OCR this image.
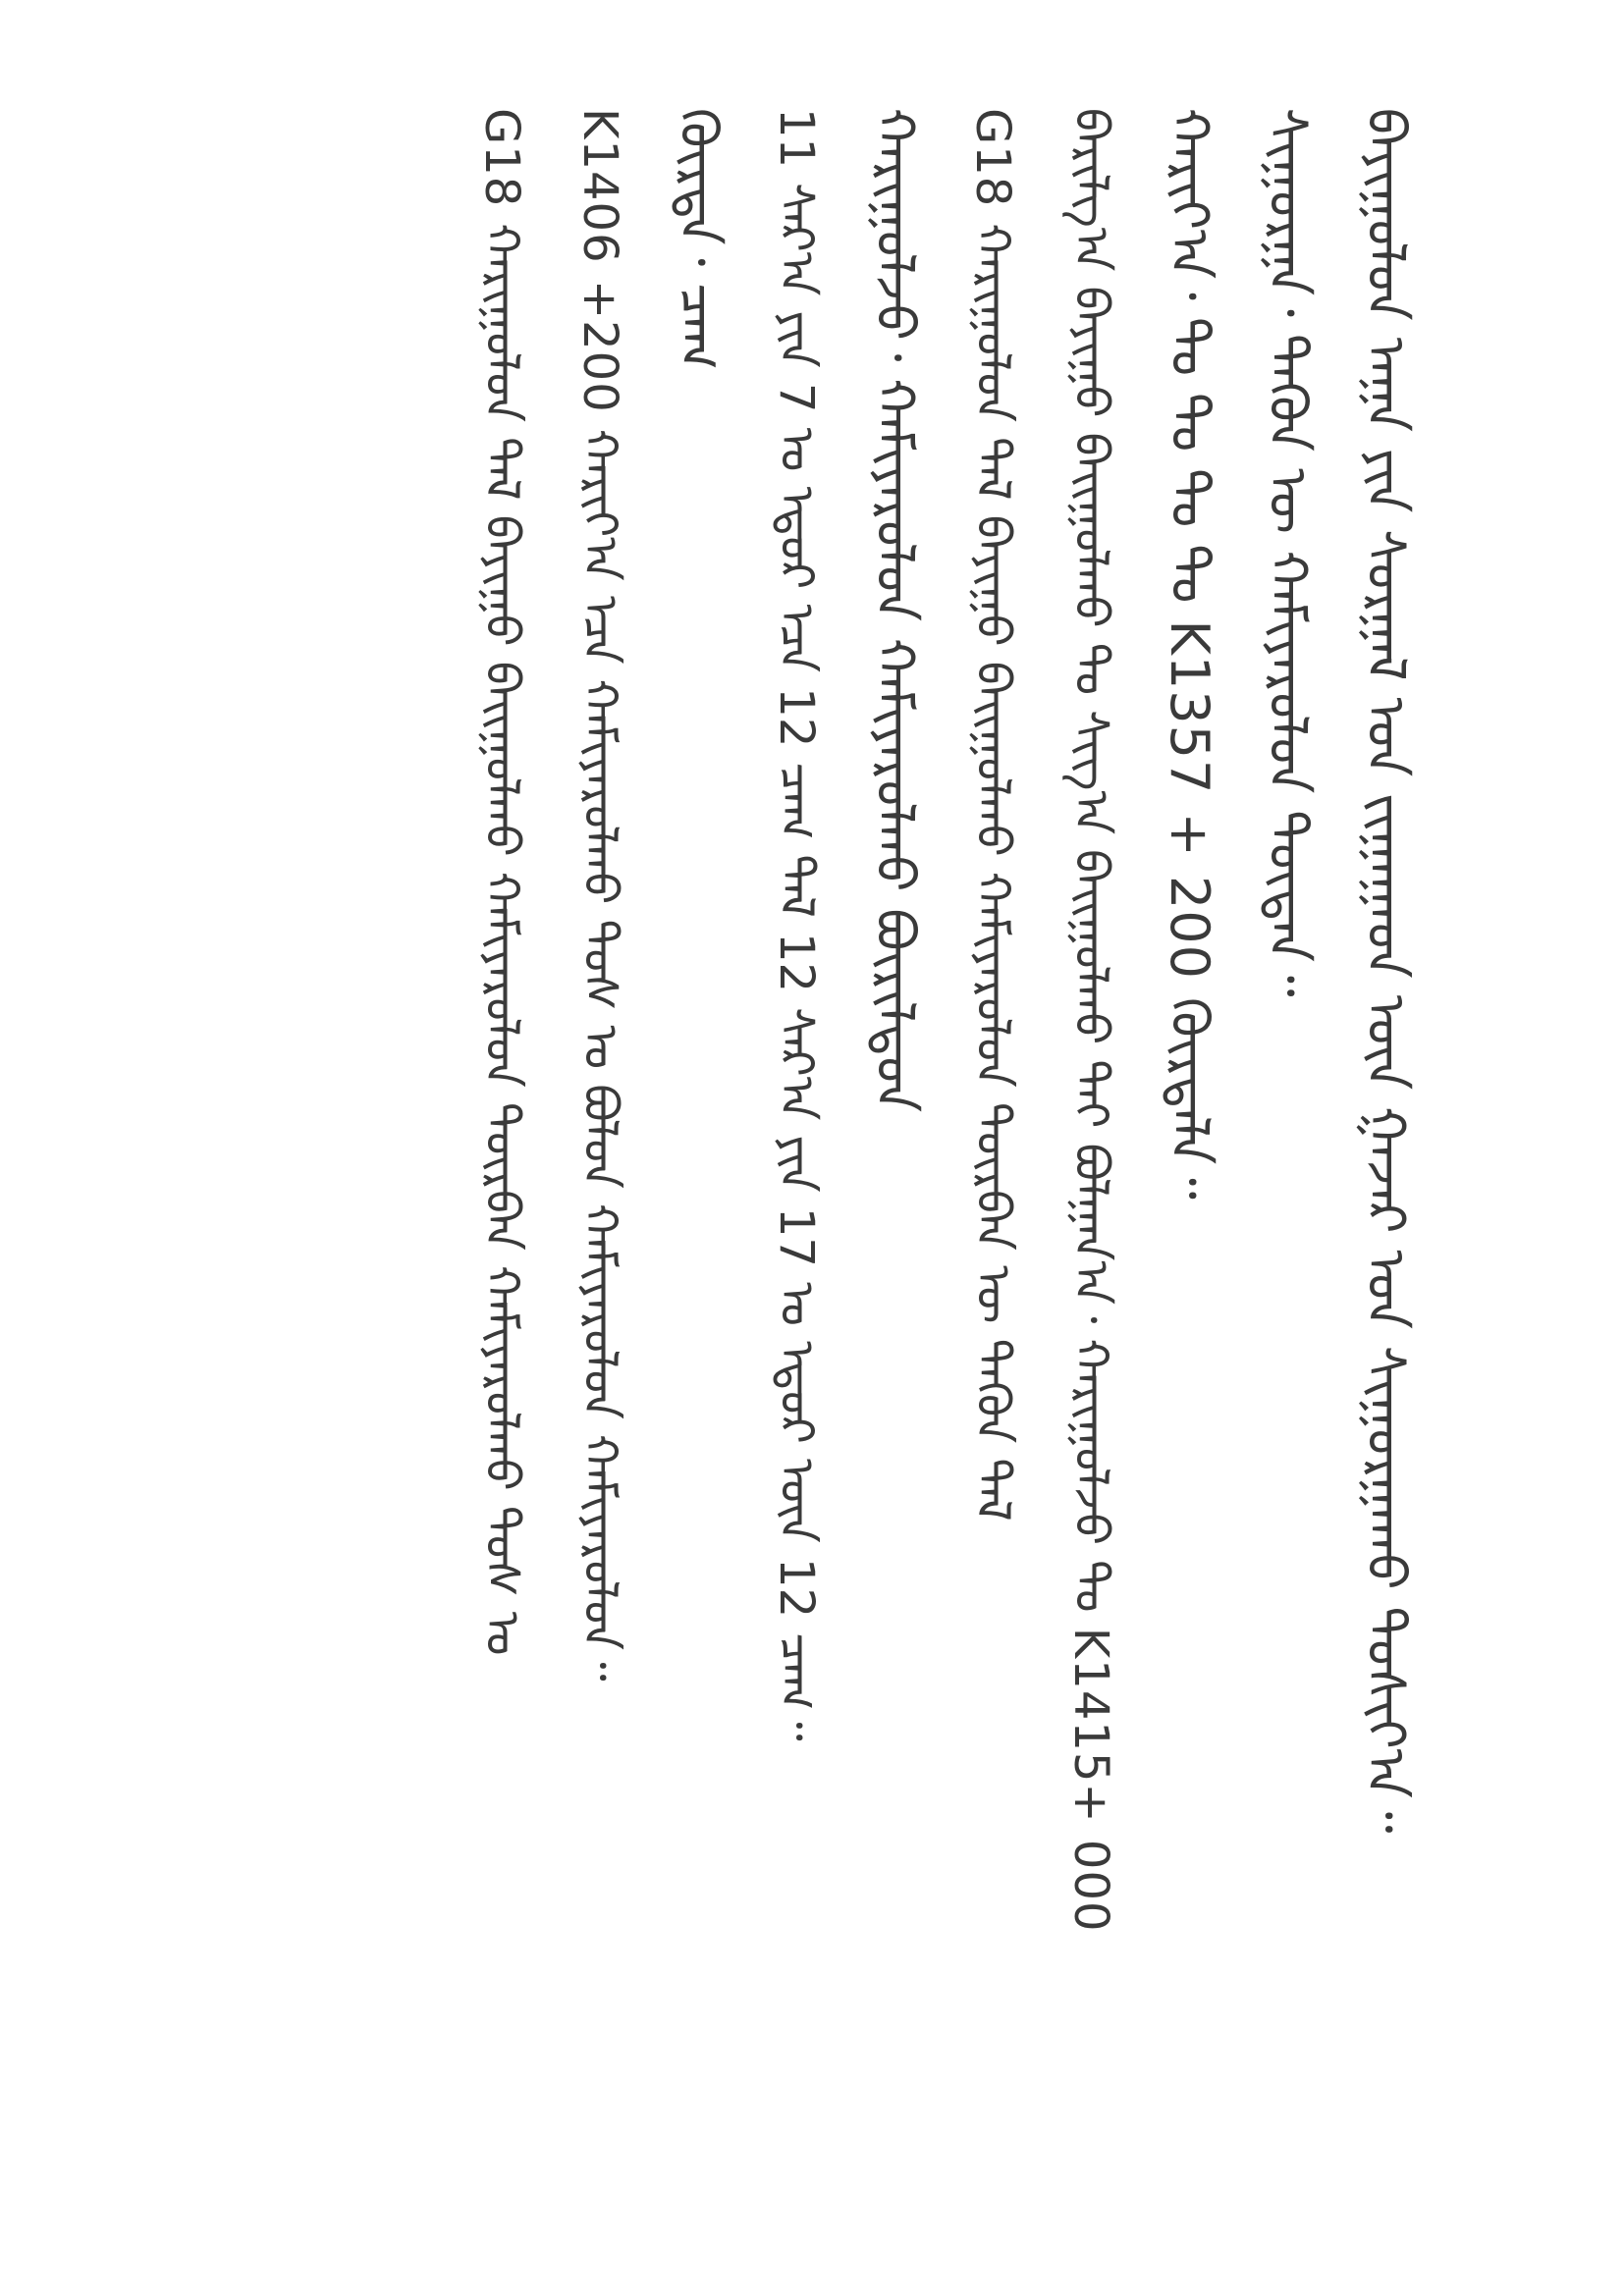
ᠪᠠᠶᠢᠭᠤᠯᠤᠨ ᠠᠭᠠ ᠶᠢᠨ ᠰᠤᠷᠭᠠᠯ ᠤᠨ ᠵᠢᠭᠠᠭᠠᠳ ᠦᠨ ᠭᠠᠵᠠᠷ ᠤᠨ ᠰᠢᠭᠤᠷᠭᠠᠬᠤ ᠲᠤᠰᠢᠶ᠎ᠠ᠃
ᠰᠢᠭᠤᠷᠭᠠ᠂ ᠲᠡᠭᠦᠨ ᠦ ᠬᠠᠮᠢᠶᠠᠷᠤᠯᠤᠨ ᠲᠦᠳᠡᠨ᠃
ᠬᠠᠷᠢᠶ᠎ᠠ᠂ ᠲᠤ ᠲᠤ ᠲᠤ ᠲᠤ K1357 + 200 ᠬᠦᠷᠲᠡᠯᠡ᠃
ᠪᠠᠷᠢᠯᠭ᠎ᠠ ᠪᠠᠶᠢᠭᠤ ᠪᠠᠢᠭᠤᠯᠬᠤ ᠲᠤ ᠰᠢᠭ᠎ᠠ ᠪᠠᠢᠭᠤᠯᠬᠤ ᠲᠠᠢ ᠪᠣᠯᠭᠠᠨ᠎ᠠ᠂ ᠬᠠᠷᠢᠭᠤᠯᠵᠤ ᠲᠤ K1415+ 000
G18 ᠬᠠᠷᠢᠭᠤᠯᠤᠨ ᠲᠠᠯ ᠪᠠᠶᠢᠭᠤ ᠪᠠᠢᠭᠤᠯᠬᠤ ᠬᠠᠮᠢᠶᠠᠷᠤᠯᠤᠨ ᠲᠦᠷᠪᠡᠨ ᠦ ᠲᠡᠭᠦᠨ ᠲᠠᠯ
ᠬᠠᠷᠢᠭᠤᠯᠵᠤ᠂ ᠬᠠᠮᠢᠶᠠᠷᠤᠯᠤᠨ ᠬᠠᠮᠢᠶᠠᠷᠤᠯᠬᠤ ᠪᠦᠷᠢᠯᠳᠦᠨ
11 ᠰᠠᠷ᠎ᠠ ᠶᠢᠨ 7 ᠤ ᠡᠳᠦᠷ ᠡᠴᠡ 12 ᠴᠠᠭ ᠲᠠᠯ 12 ᠰᠠᠷ᠎ᠠ ᠶᠢᠨ 17 ᠤ ᠡᠳᠦᠷ ᠦᠨ 12 ᠴᠠᠭ᠃
ᠬᠦᠷᠲᠡ᠂ ᠴᠠᠭ
K1406 +200 ᠬᠠᠷᠢᠶ᠎ᠠ ᠡᠴᠡ ᠬᠠᠮᠢᠶᠠᠷᠤᠯᠬᠤ ᠲᠤᠰ ᠤ ᠪᠣᠯᠤᠨ ᠬᠠᠮᠢᠶᠠᠷᠤᠯᠤᠨ ᠬᠠᠮᠢᠶᠠᠷᠤᠯᠤᠨ᠃
G18 ᠬᠠᠷᠢᠭᠤᠯᠤᠨ ᠲᠠᠯ ᠪᠠᠶᠢᠭᠤ ᠪᠠᠢᠭᠤᠯᠬᠤ ᠬᠠᠮᠢᠶᠠᠷᠤᠯᠤᠨ ᠲᠦᠷᠪᠡᠨ ᠬᠠᠮᠢᠶᠠᠷᠤᠯᠬᠤ ᠲᠤᠰ ᠤ
